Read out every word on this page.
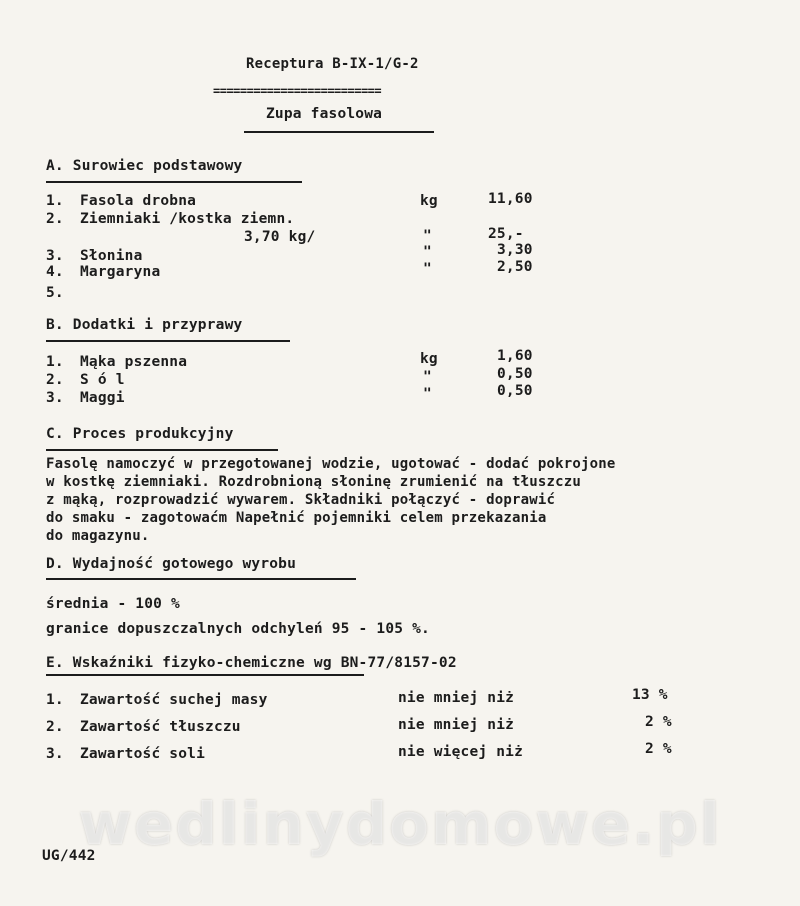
Receptura B-IX-1/G-2
=========================
Zupa fasolowa
A. Surowiec podstawowy
1. Fasola drobna	kg	11,60
2. Ziemniaki /kostka ziemn.
3,70 kg/	"	25,-
3. Słonina	"	3,30
4. Margaryna	"	2,50
5.
B. Dodatki i przyprawy
1. Mąka pszenna	kg	1,60
2. S ó l	"	0,50
3. Maggi	"	0,50
C. Proces produkcyjny
Fasolę namoczyć w przegotowanej wodzie, ugotować - dodać pokrojone
w kostkę ziemniaki. Rozdrobnioną słoninę zrumienić na tłuszczu
z mąką, rozprowadzić wywarem. Składniki połączyć - doprawić
do smaku - zagotowaćm Napełnić pojemniki celem przekazania
do magazynu.
D. Wydajność gotowego wyrobu
średnia - 100 %
granice dopuszczalnych odchyleń 95 - 105 %.
E. Wskaźniki fizyko-chemiczne wg BN-77/8157-02
1. Zawartość suchej masy	nie mniej niż	13 %
2. Zawartość tłuszczu	nie mniej niż	2 %
3. Zawartość soli	nie więcej niż	2 %
wedlinydomowe.pl
UG/442
